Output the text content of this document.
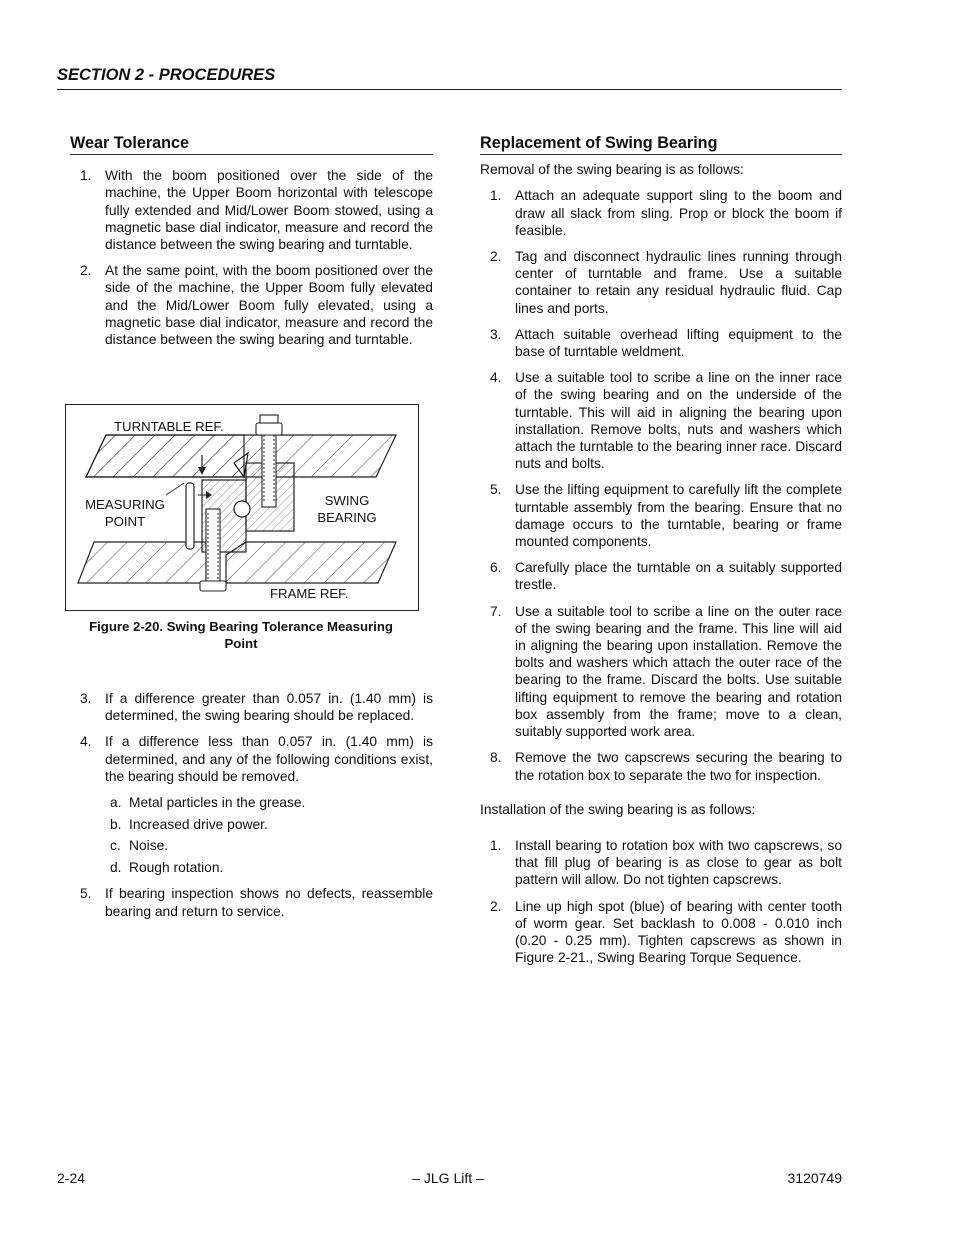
SECTION 2 - PROCEDURES
Wear Tolerance
1. With the boom positioned over the side of the machine, the Upper Boom horizontal with telescope fully extended and Mid/Lower Boom stowed, using a magnetic base dial indicator, measure and record the distance between the swing bearing and turntable.
2. At the same point, with the boom positioned over the side of the machine, the Upper Boom fully elevated and the Mid/Lower Boom fully elevated, using a magnetic base dial indicator, measure and record the distance between the swing bearing and turntable.
TURNTABLE REF.
MEASURING
POINT
SWING
BEARING
FRAME REF.
Figure 2-20. Swing Bearing Tolerance Measuring
Point
3. If a difference greater than 0.057 in. (1.40 mm) is determined, the swing bearing should be replaced.
4. If a difference less than 0.057 in. (1.40 mm) is determined, and any of the following conditions exist, the bearing should be removed.
a. Metal particles in the grease.
b. Increased drive power.
c. Noise.
d. Rough rotation.
5. If bearing inspection shows no defects, reassemble bearing and return to service.
Replacement of Swing Bearing

Removal of the swing bearing is as follows:

1. Attach an adequate support sling to the boom and draw all slack from sling. Prop or block the boom if feasible.
2. Tag and disconnect hydraulic lines running through center of turntable and frame. Use a suitable container to retain any residual hydraulic fluid. Cap lines and ports.
3. Attach suitable overhead lifting equipment to the base of turntable weldment.
4. Use a suitable tool to scribe a line on the inner race of the swing bearing and on the underside of the turntable. This will aid in aligning the bearing upon installation. Remove bolts, nuts and washers which attach the turntable to the bearing inner race. Discard nuts and bolts.
5. Use the lifting equipment to carefully lift the complete turntable assembly from the bearing. Ensure that no damage occurs to the turntable, bearing or frame mounted components.
6. Carefully place the turntable on a suitably supported trestle.
7. Use a suitable tool to scribe a line on the outer race of the swing bearing and the frame. This line will aid in aligning the bearing upon installation. Remove the bolts and washers which attach the outer race of the bearing to the frame. Discard the bolts. Use suitable lifting equipment to remove the bearing and rotation box assembly from the frame; move to a clean, suitably supported work area.
8. Remove the two capscrews securing the bearing to the rotation box to separate the two for inspection.

Installation of the swing bearing is as follows:

1. Install bearing to rotation box with two capscrews, so that fill plug of bearing is as close to gear as bolt pattern will allow. Do not tighten capscrews.
2. Line up high spot (blue) of bearing with center tooth of worm gear. Set backlash to 0.008 - 0.010 inch (0.20 - 0.25 mm). Tighten capscrews as shown in Figure 2-21., Swing Bearing Torque Sequence.
2-24	– JLG Lift –	3120749
